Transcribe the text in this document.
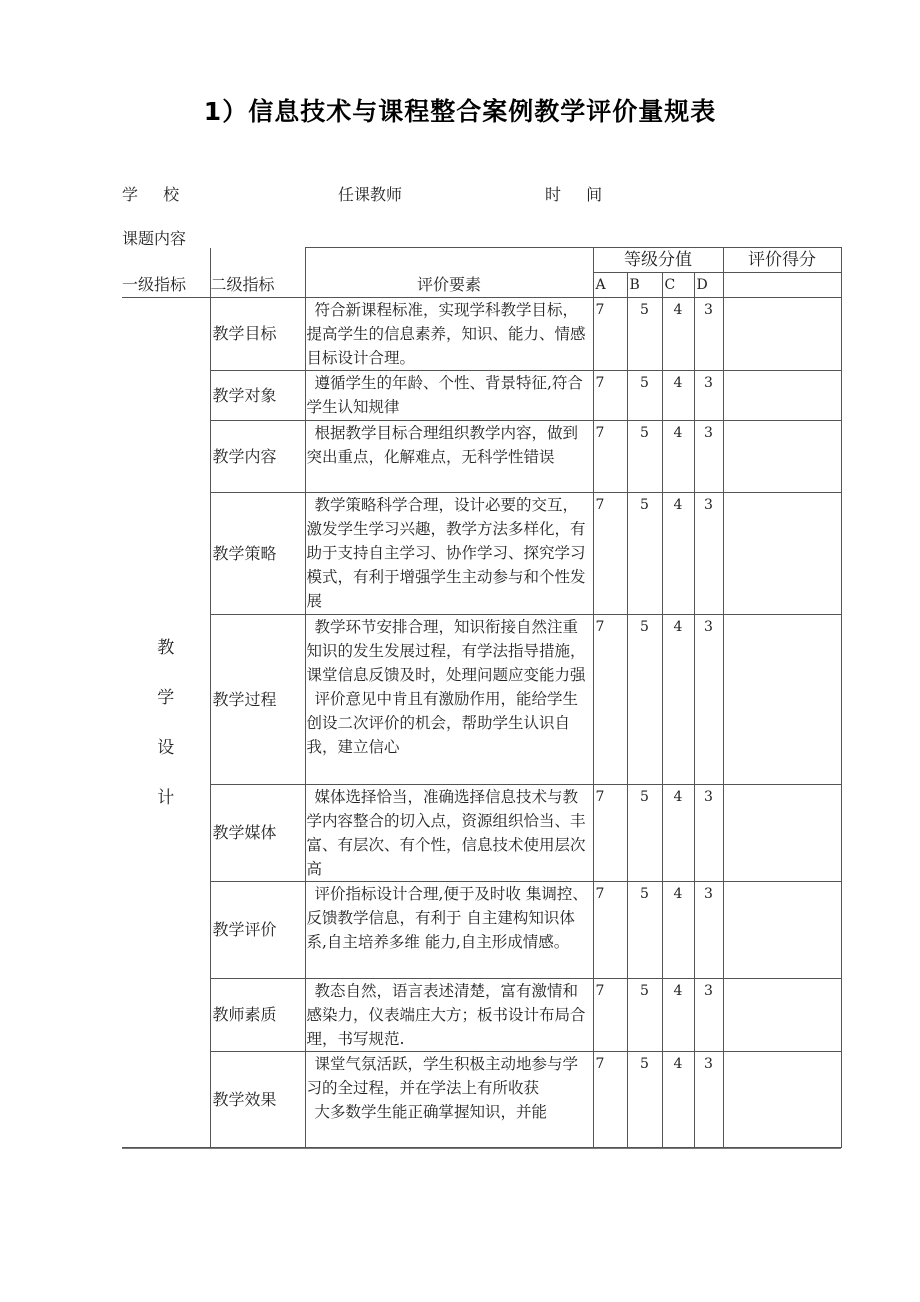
1）信息技术与课程整合案例教学评价量规表
学 校	任课教师	时 间
课题内容
一级指标	二级指标	评价要素	等级分值				评价得分
			A	B	C	D	

教
学
设
计	教学目标	符合新课程标准，实现学科教学目标，提高学生的信息素养，知识、能力、情感目标设计合理。	7	5	4	3	
	教学对象	遵循学生的年龄、个性、背景特征,符合学生认知规律	7	5	4	3	
	教学内容	根据教学目标合理组织教学内容，做到突出重点，化解难点，无科学性错误	7	5	4	3	
	教学策略	教学策略科学合理，设计必要的交互，激发学生学习兴趣，教学方法多样化，有助于支持自主学习、协作学习、探究学习模式，有利于增强学生主动参与和个性发展	7	5	4	3	
	教学过程	教学环节安排合理，知识衔接自然注重知识的发生发展过程，有学法指导措施，课堂信息反馈及时，处理问题应变能力强
评价意见中肯且有激励作用，能给学生创设二次评价的机会，帮助学生认识自我，建立信心	7	5	4	3	
	教学媒体	媒体选择恰当，准确选择信息技术与教学内容整合的切入点，资源组织恰当、丰富、有层次、有个性，信息技术使用层次高	7	5	4	3	
	教学评价	评价指标设计合理,便于及时收 集调控、反馈教学信息，有利于 自主建构知识体系,自主培养多维 能力,自主形成情感。	7	5	4	3	
	教师素质	教态自然，语言表述清楚，富有激情和感染力，仪表端庄大方；板书设计布局合理，书写规范.	7	5	4	3	
	教学效果	课堂气氛活跃，学生积极主动地参与学习的全过程，并在学法上有所收获
大多数学生能正确掌握知识，并能	7	5	4	3	
